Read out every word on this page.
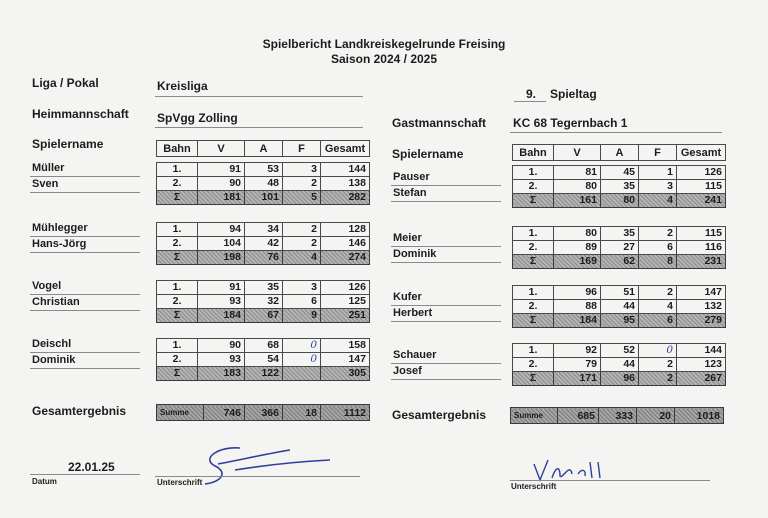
Spielbericht Landkreiskegelrunde Freising
Saison 2024 / 2025
Liga / Pokal	Kreisliga
9. Spieltag
Heimmannschaft SpVgg Zolling	Gastmannschaft KC 68 Tegernbach 1
Spielername
Spielername
Bahn	V	A	F	Gesamt	Bahn	V	A	F	Gesamt
Müller
Sven
1.	91	53	3	144
2.	90	48	2	138
Σ	181	101	5	282
Mühlegger
Hans-Jörg
1.	94	34	2	128
2.	104	42	2	146
Σ	198	76	4	274
Vogel
Christian
1.	91	35	3	126
2.	93	32	6	125
Σ	184	67	9	251
Deischl
Dominik
1.	90	68	0	158
2.	93	54	0	147
Σ	183	122		305
Pauser
Stefan
1.	81	45	1	126
2.	80	35	3	115
Σ	161	80	4	241
Meier
Dominik
1.	80	35	2	115
2.	89	27	6	116
Σ	169	62	8	231
Kufer
Herbert
1.	96	51	2	147
2.	88	44	4	132
Σ	184	95	6	279
Schauer
Josef
1.	92	52	0	144
2.	79	44	2	123
Σ	171	96	2	267
Gesamtergebnis	Summe	746	366	18	1112 Gesamtergebnis	Summe	685	333	20	1018
22.01.25
Datum	Unterschrift	Unterschrift
